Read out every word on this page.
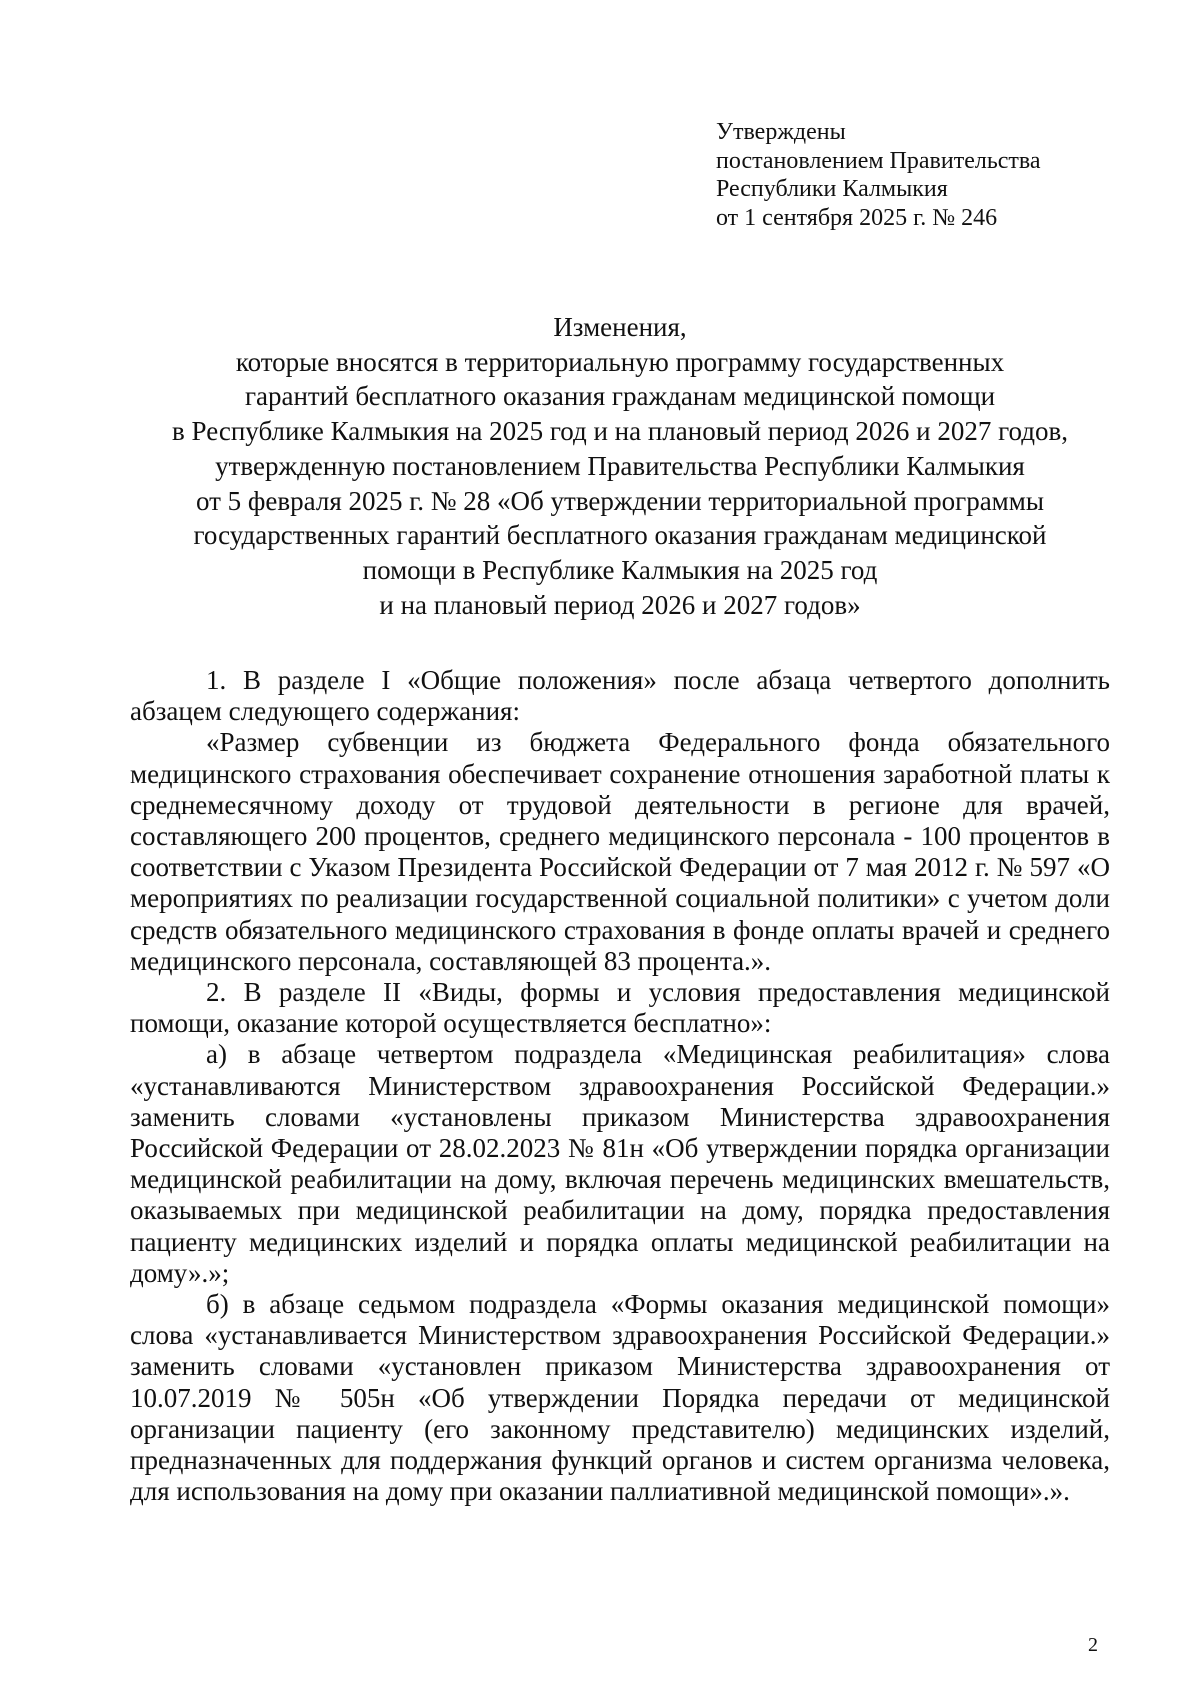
Утверждены
постановлением Правительства
Республики Калмыкия
от 1 сентября 2025 г. № 246
Изменения,
которые вносятся в территориальную программу государственных
гарантий бесплатного оказания гражданам медицинской помощи
в Республике Калмыкия на 2025 год и на плановый период 2026 и 2027 годов,
утвержденную постановлением Правительства Республики Калмыкия
от 5 февраля 2025 г. № 28 «Об утверждении территориальной программы
государственных гарантий бесплатного оказания гражданам медицинской
помощи в Республике Калмыкия на 2025 год
и на плановый период 2026 и 2027 годов»

1. В разделе I «Общие положения» после абзаца четвертого дополнить абзацем следующего содержания:

«Размер субвенции из бюджета Федерального фонда обязательного медицинского страхования обеспечивает сохранение отношения заработной платы к среднемесячному доходу от трудовой деятельности в регионе для врачей, составляющего 200 процентов, среднего медицинского персонала - 100 процентов в соответствии с Указом Президента Российской Федерации от 7 мая 2012 г. № 597 «О мероприятиях по реализации государственной социальной политики» с учетом доли средств обязательного медицинского страхования в фонде оплаты врачей и среднего медицинского персонала, составляющей 83 процента.».

2. В разделе II «Виды, формы и условия предоставления медицинской помощи, оказание которой осуществляется бесплатно»:

а) в абзаце четвертом подраздела «Медицинская реабилитация» слова «устанавливаются Министерством здравоохранения Российской Федерации.» заменить словами «установлены приказом Министерства здравоохранения Российской Федерации от 28.02.2023 № 81н «Об утверждении порядка организации медицинской реабилитации на дому, включая перечень медицинских вмешательств, оказываемых при медицинской реабилитации на дому, порядка предоставления пациенту медицинских изделий и порядка оплаты медицинской реабилитации на дому».»;

б) в абзаце седьмом подраздела «Формы оказания медицинской помощи» слова «устанавливается Министерством здравоохранения Российской Федерации.» заменить словами «установлен приказом Министерства здравоохранения от 10.07.2019 № 505н «Об утверждении Порядка передачи от медицинской организации пациенту (его законному представителю) медицинских изделий, предназначенных для поддержания функций органов и систем организма человека, для использования на дому при оказании паллиативной медицинской помощи».».

2
